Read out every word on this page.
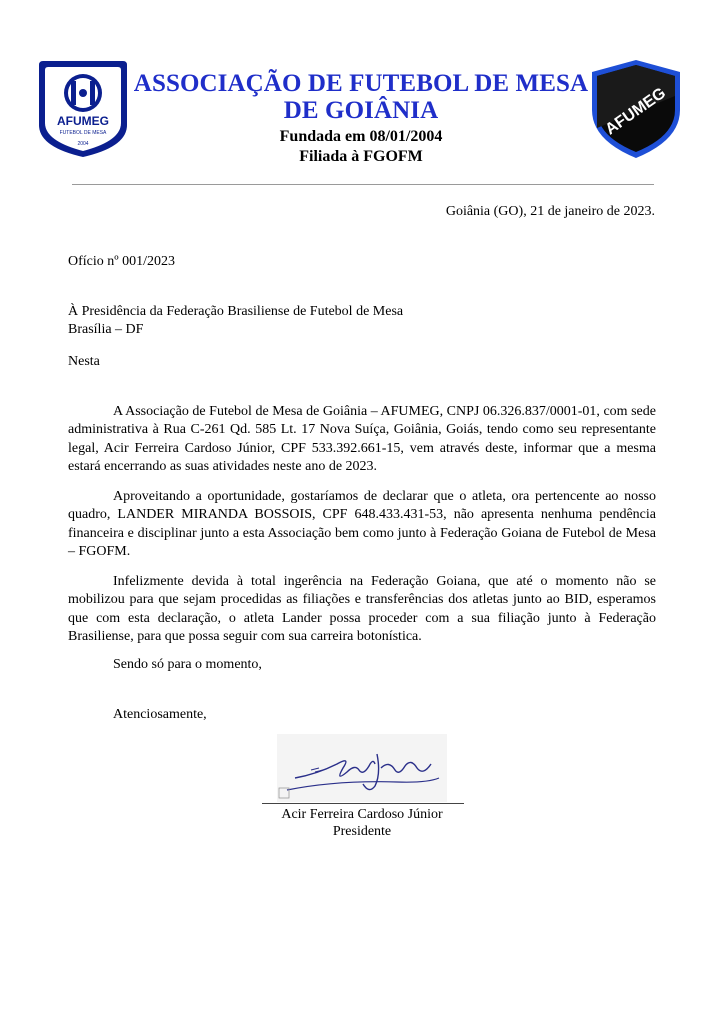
AFUMEG
FUTEBOL DE MESA
2004
ASSOCIAÇÃO DE FUTEBOL DE MESA
DE GOIÂNIA
Fundada em 08/01/2004
Filiada à FGOFM
AFUMEG
Goiânia (GO), 21 de janeiro de 2023.
Ofício nº 001/2023
À Presidência da Federação Brasiliense de Futebol de Mesa
Brasília – DF
Nesta
A Associação de Futebol de Mesa de Goiânia – AFUMEG, CNPJ 06.326.837/0001-01, com sede administrativa à Rua C-261 Qd. 585 Lt. 17 Nova Suíça, Goiânia, Goiás, tendo como seu representante legal, Acir Ferreira Cardoso Júnior, CPF 533.392.661-15, vem através deste, informar que a mesma estará encerrando as suas atividades neste ano de 2023.
Aproveitando a oportunidade, gostaríamos de declarar que o atleta, ora pertencente ao nosso quadro, LANDER MIRANDA BOSSOIS, CPF 648.433.431-53, não apresenta nenhuma pendência financeira e disciplinar junto a esta Associação bem como junto à Federação Goiana de Futebol de Mesa – FGOFM.
Infelizmente devida à total ingerência na Federação Goiana, que até o momento não se mobilizou para que sejam procedidas as filiações e transferências dos atletas junto ao BID, esperamos que com esta declaração, o atleta Lander possa proceder com a sua filiação junto à Federação Brasiliense, para que possa seguir com sua carreira botonística.
Sendo só para o momento,
Atenciosamente,
Acir Ferreira Cardoso Júnior
Presidente
